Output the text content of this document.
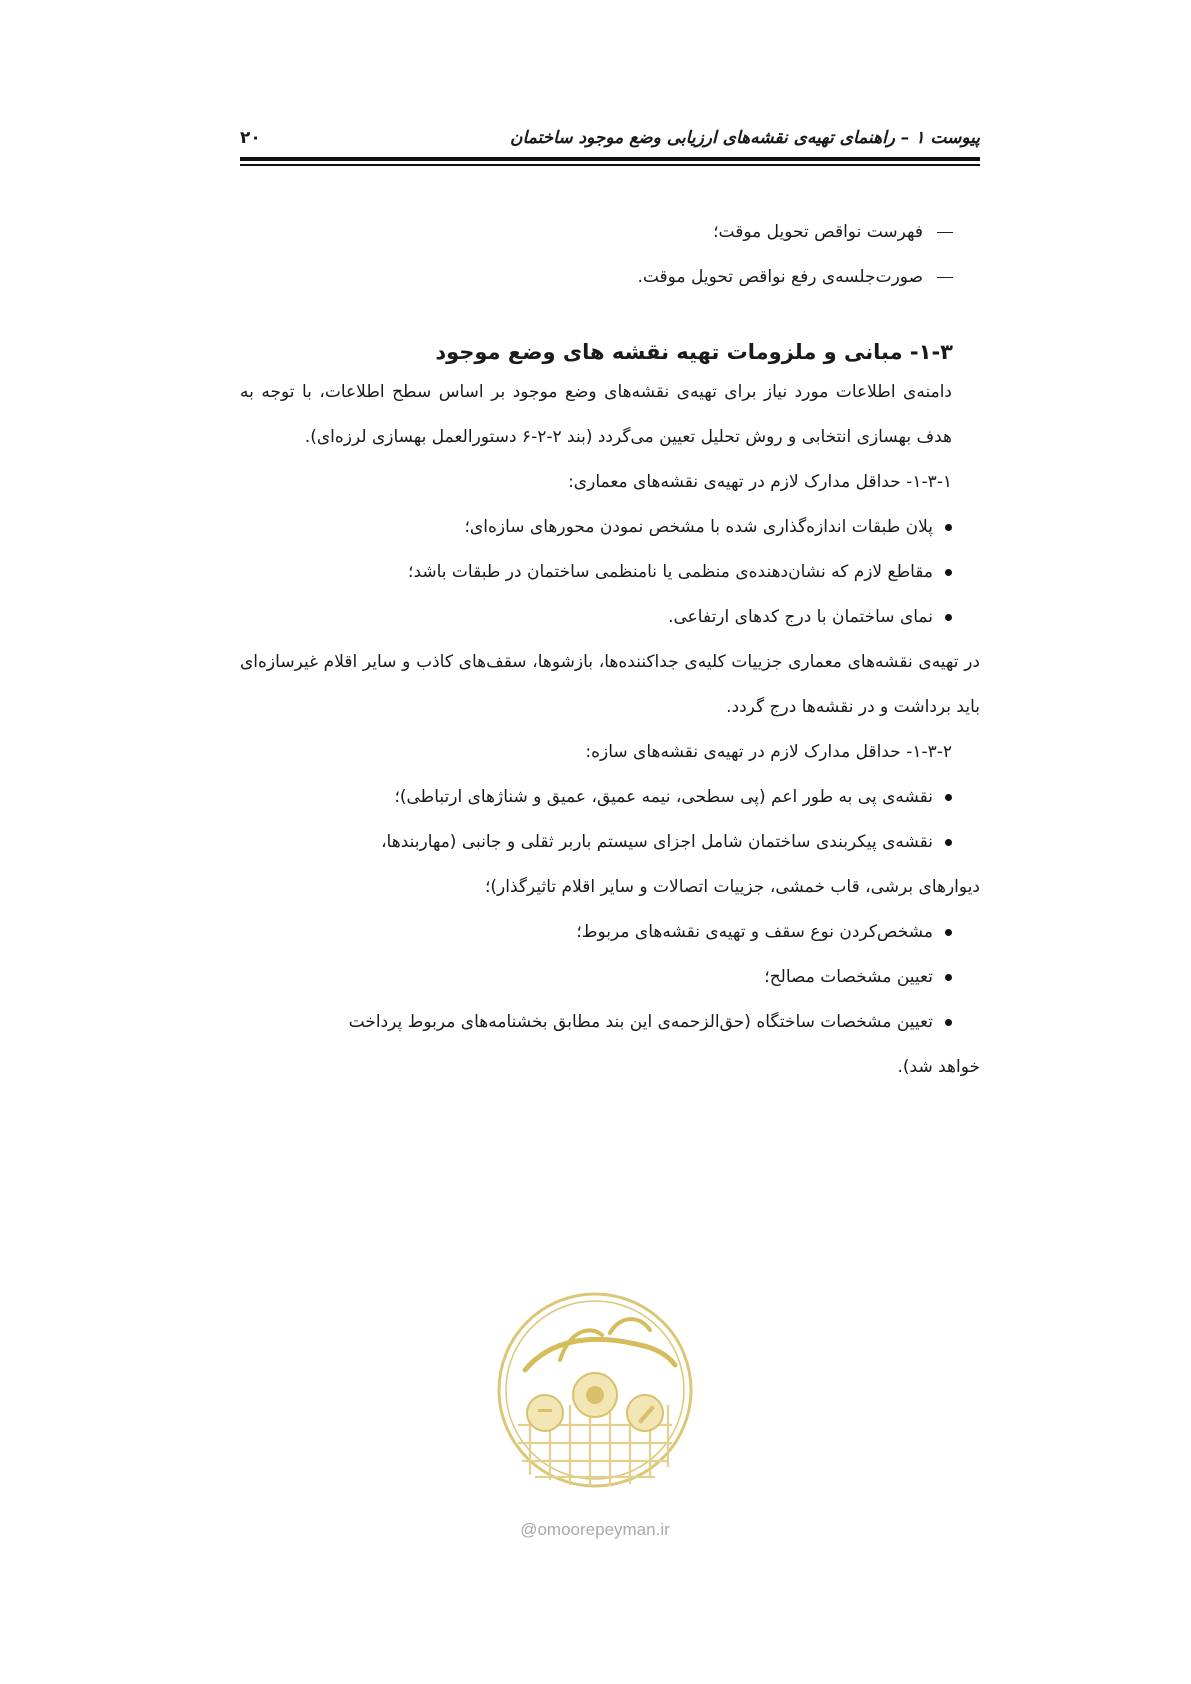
پیوست ۱ – راهنمای تهیه‌ی نقشه‌های ارزیابی وضع موجود ساختمان
۲۰
فهرست نواقص تحویل موقت؛
صورت‌جلسه‌ی رفع نواقص تحویل موقت.
۱-۳- مبانی و ملزومات تهیه نقشه های وضع موجود
دامنه‌ی اطلاعات مورد نیاز برای تهیه‌ی نقشه‌های وضع موجود بر اساس سطح اطلاعات، با توجه به هدف بهسازی انتخابی و روش تحلیل تعیین می‌گردد (بند ۲-۲-۶ دستورالعمل بهسازی لرزه‌ای).
۱-۳-۱- حداقل مدارک لازم در تهیه‌ی نقشه‌های معماری:
پلان طبقات اندازه‌گذاری شده با مشخص نمودن محورهای سازه‌ای؛
مقاطع لازم که نشان‌دهنده‌ی منظمی یا نامنظمی ساختمان در طبقات باشد؛
نمای ساختمان با درج کدهای ارتفاعی.
در تهیه‌ی نقشه‌های معماری جزییات کلیه‌ی جداکننده‌ها، بازشوها، سقف‌های کاذب و سایر اقلام غیرسازه‌ای باید برداشت و در نقشه‌ها درج گردد.
۱-۳-۲- حداقل مدارک لازم در تهیه‌ی نقشه‌های سازه:
نقشه‌ی پی به طور اعم (پی سطحی، نیمه عمیق، عمیق و شناژهای ارتباطی)؛
نقشه‌ی پیکربندی ساختمان شامل اجزای سیستم باربر ثقلی و جانبی (مهاربندها،
دیوارهای برشی، قاب خمشی، جزییات اتصالات و سایر اقلام تاثیرگذار)؛
مشخص‌کردن نوع سقف و تهیه‌ی نقشه‌های مربوط؛
تعیین مشخصات مصالح؛
تعیین مشخصات ساختگاه (حق‌الزحمه‌ی این بند مطابق بخشنامه‌های مربوط پرداخت
خواهد شد).
@omoorepeyman.ir
